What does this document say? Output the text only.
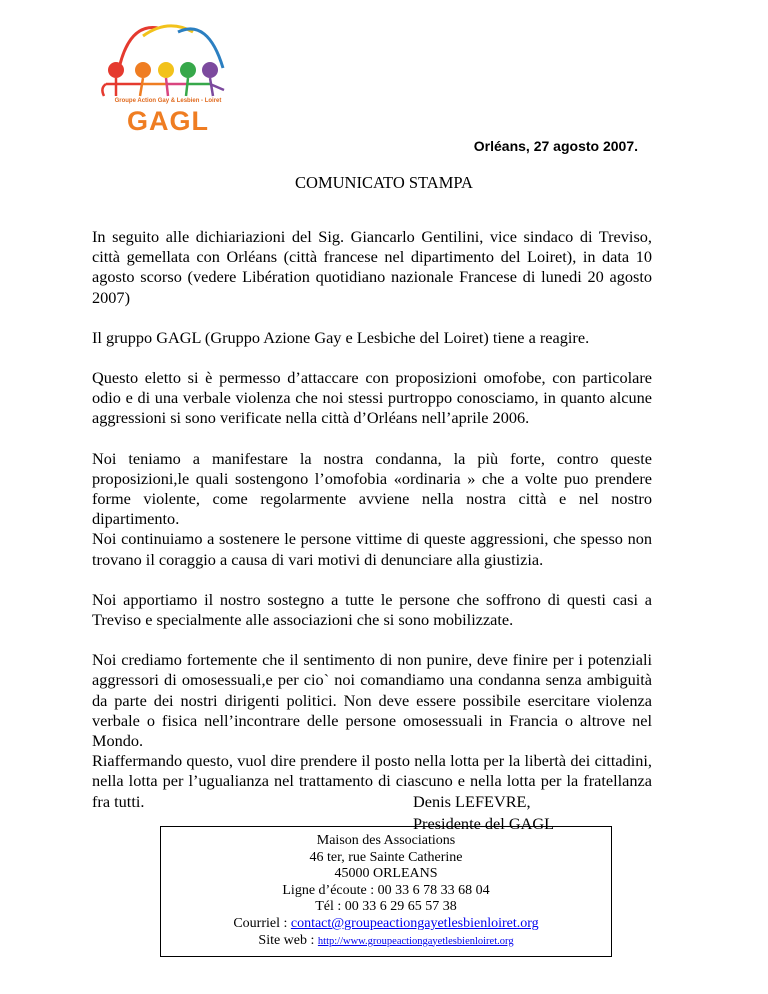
Groupe Action Gay & Lesbien - Loiret
GAGL
Orléans, 27 agosto 2007.
COMUNICATO STAMPA

In seguito alle dichiariazioni del Sig. Giancarlo Gentilini, vice sindaco di Treviso, città gemellata con Orléans (città francese nel dipartimento del Loiret), in data 10 agosto scorso (vedere Libération quotidiano nazionale Francese di lunedi 20 agosto 2007)

Il gruppo GAGL (Gruppo Azione Gay e Lesbiche del Loiret) tiene a reagire.

Questo eletto si è permesso d’attaccare con proposizioni omofobe, con particolare odio e di una verbale violenza che noi stessi purtroppo conosciamo, in quanto alcune aggressioni si sono verificate nella città d’Orléans nell’aprile 2006.

Noi teniamo a manifestare la nostra condanna, la più forte, contro queste proposizioni,le quali sostengono l’omofobia «ordinaria » che a volte puo prendere forme violente, come regolarmente avviene nella nostra città e nel nostro dipartimento.

Noi continuiamo a sostenere le persone vittime di queste aggressioni, che spesso non trovano il coraggio a causa di vari motivi di denunciare alla giustizia.

Noi apportiamo il nostro sostegno a tutte le persone che soffrono di questi casi a Treviso e specialmente alle associazioni che si sono mobilizzate.

Noi crediamo fortemente che il sentimento di non punire, deve finire per i potenziali aggressori di omosessuali,e per cio` noi comandiamo una condanna senza ambiguità da parte dei nostri dirigenti politici. Non deve essere possibile esercitare violenza verbale o fisica nell’incontrare delle persone omosessuali in Francia o altrove nel Mondo.

Riaffermando questo, vuol dire prendere il posto nella lotta per la libertà dei cittadini, nella lotta per l’ugualianza nel trattamento di ciascuno e nella lotta per la fratellanza fra tutti.	Denis LEFEVRE,
Presidente del GAGL
Maison des Associations
46 ter, rue Sainte Catherine
45000 ORLEANS
Ligne d’écoute : 00 33 6 78 33 68 04
Tél : 00 33 6 29 65 57 38
Courriel : contact@groupeactiongayetlesbienloiret.org
Site web : http://www.groupeactiongayetlesbienloiret.org
